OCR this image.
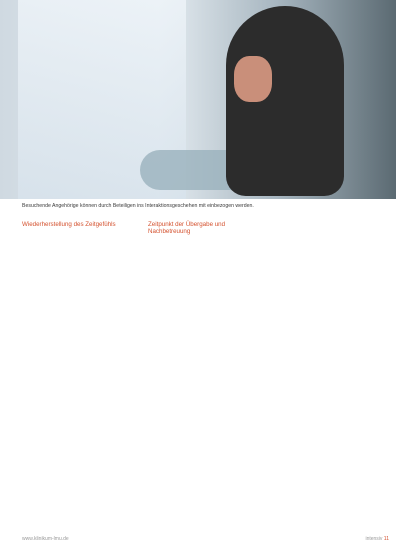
Besuchende Angehörige können durch Beteiligen ins Interaktionsgeschehen mit einbezogen werden.
Wiederherstellung des Zeitgefühls	Zeitpunkt der Übergabe und Nachbetreuung
www.klinikum-lmu.de	intensiv 11
